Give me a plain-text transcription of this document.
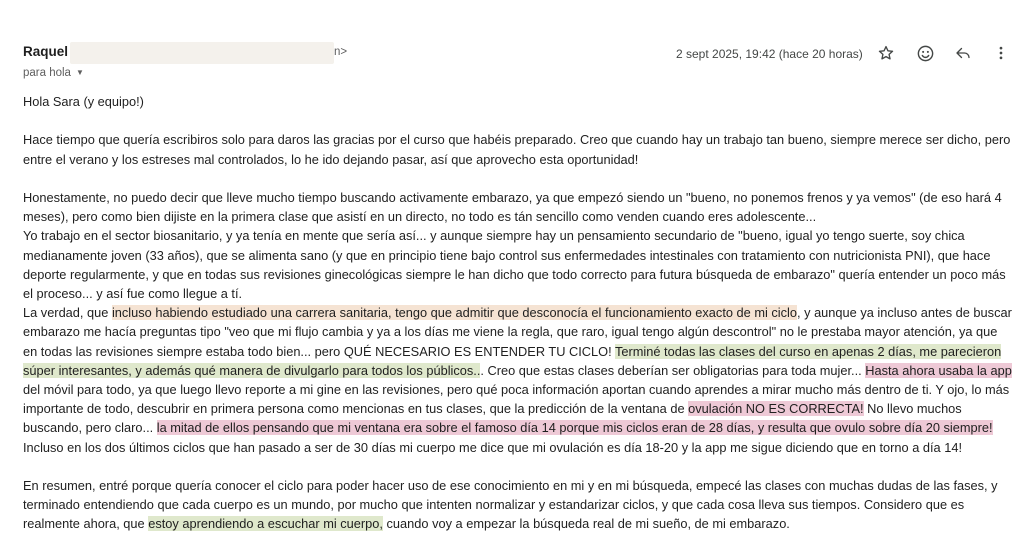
Raquel	n>
para hola ▼
2 sept 2025, 19:42 (hace 20 horas)

Hola Sara (y equipo!)

Hace tiempo que quería escribiros solo para daros las gracias por el curso que habéis preparado. Creo que cuando hay un trabajo tan bueno, siempre merece ser dicho, pero entre el verano y los estreses mal controlados, lo he ido dejando pasar, así que aprovecho esta oportunidad!

Honestamente, no puedo decir que lleve mucho tiempo buscando activamente embarazo, ya que empezó siendo un "bueno, no ponemos frenos y ya vemos" (de eso hará 4 meses), pero como bien dijiste en la primera clase que asistí en un directo, no todo es tán sencillo como venden cuando eres adolescente...

Yo trabajo en el sector biosanitario, y ya tenía en mente que sería así... y aunque siempre hay un pensamiento secundario de "bueno, igual yo tengo suerte, soy chica medianamente joven (33 años), que se alimenta sano (y que en principio tiene bajo control sus enfermedades intestinales con tratamiento con nutricionista PNI), que hace deporte regularmente, y que en todas sus revisiones ginecológicas siempre le han dicho que todo correcto para futura búsqueda de embarazo" quería entender un poco más el proceso... y así fue como llegue a tí.

La verdad, que incluso habiendo estudiado una carrera sanitaria, tengo que admitir que desconocía el funcionamiento exacto de mi ciclo, y aunque ya incluso antes de buscar embarazo me hacía preguntas tipo "veo que mi flujo cambia y ya a los días me viene la regla, que raro, igual tengo algún descontrol" no le prestaba mayor atención, ya que en todas las revisiones siempre estaba todo bien... pero QUÉ NECESARIO ES ENTENDER TU CICLO! Terminé todas las clases del curso en apenas 2 días, me parecieron súper interesantes, y además qué manera de divulgarlo para todos los públicos... Creo que estas clases deberían ser obligatorias para toda mujer... Hasta ahora usaba la app del móvil para todo, ya que luego llevo reporte a mi gine en las revisiones, pero qué poca información aportan cuando aprendes a mirar mucho más dentro de ti. Y ojo, lo más importante de todo, descubrir en primera persona como mencionas en tus clases, que la predicción de la ventana de ovulación NO ES CORRECTA! No llevo muchos buscando, pero claro... la mitad de ellos pensando que mi ventana era sobre el famoso día 14 porque mis ciclos eran de 28 días, y resulta que ovulo sobre día 20 siempre! Incluso en los dos últimos ciclos que han pasado a ser de 30 días mi cuerpo me dice que mi ovulación es día 18-20 y la app me sigue diciendo que en torno a día 14!

En resumen, entré porque quería conocer el ciclo para poder hacer uso de ese conocimiento en mi y en mi búsqueda, empecé las clases con muchas dudas de las fases, y terminado entendiendo que cada cuerpo es un mundo, por mucho que intenten normalizar y estandarizar ciclos, y que cada cosa lleva sus tiempos. Considero que es realmente ahora, que estoy aprendiendo a escuchar mi cuerpo, cuando voy a empezar la búsqueda real de mi sueño, de mi embarazo.
